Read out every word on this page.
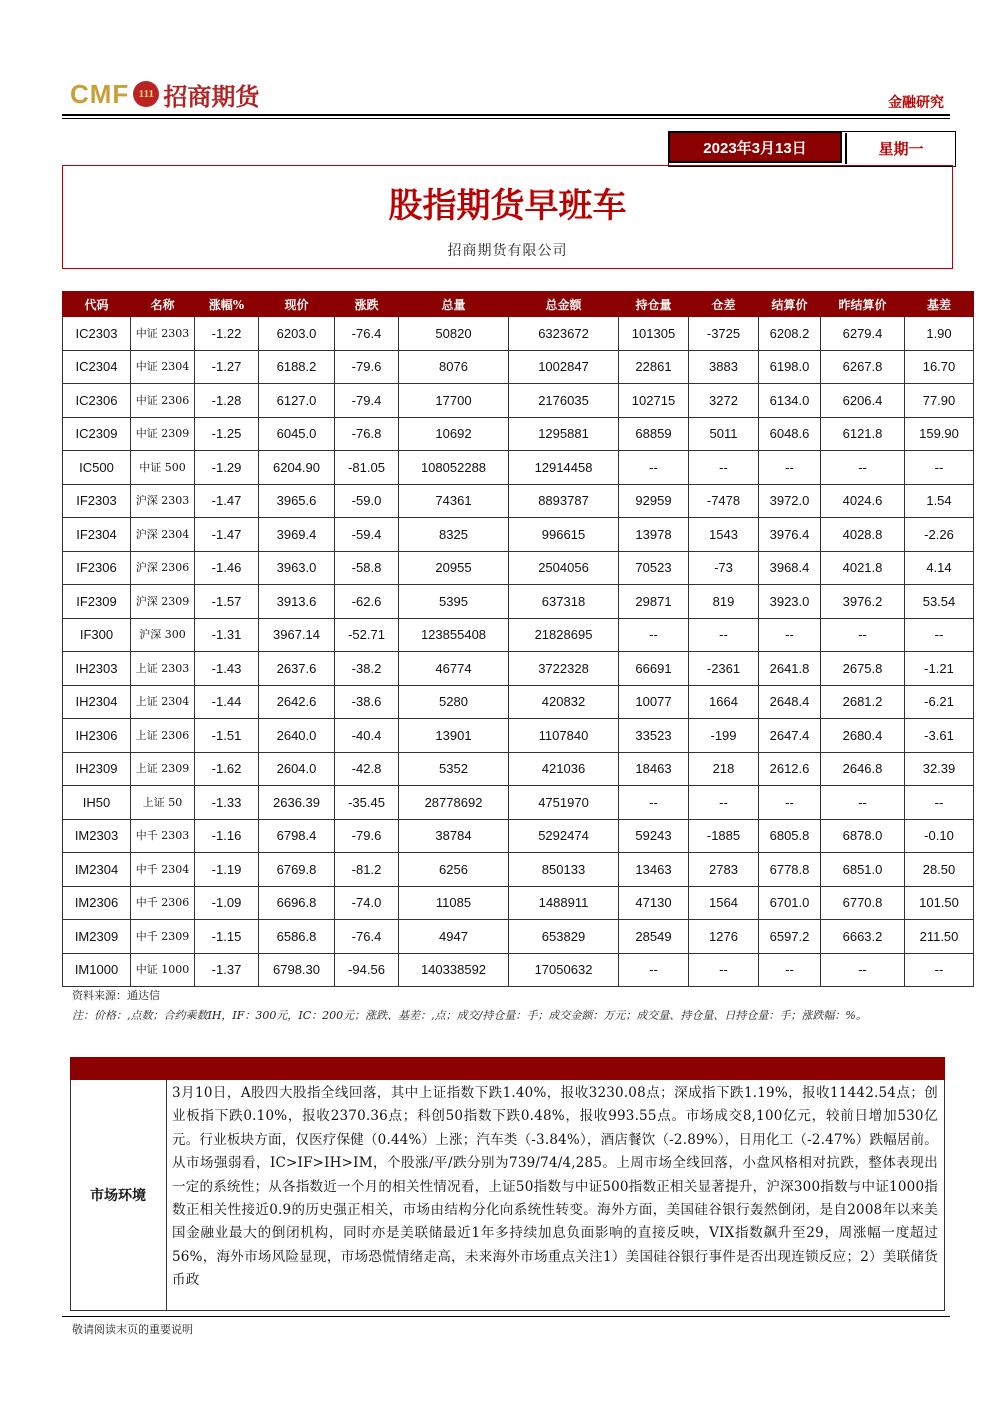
CMF 111 招商期货	金融研究
2023年3月13日	星期一
股指期货早班车
招商期货有限公司
代码	名称	涨幅%	现价	涨跌	总量	总金额	持仓量	仓差	结算价	昨结算价	基差
IC2303	中证 2303	-1.22	6203.0	-76.4	50820	6323672	101305	-3725	6208.2	6279.4	1.90
IC2304	中证 2304	-1.27	6188.2	-79.6	8076	1002847	22861	3883	6198.0	6267.8	16.70
IC2306	中证 2306	-1.28	6127.0	-79.4	17700	2176035	102715	3272	6134.0	6206.4	77.90
IC2309	中证 2309	-1.25	6045.0	-76.8	10692	1295881	68859	5011	6048.6	6121.8	159.90
IC500	中证 500	-1.29	6204.90	-81.05	108052288	12914458	--	--	--	--	--
IF2303	沪深 2303	-1.47	3965.6	-59.0	74361	8893787	92959	-7478	3972.0	4024.6	1.54
IF2304	沪深 2304	-1.47	3969.4	-59.4	8325	996615	13978	1543	3976.4	4028.8	-2.26
IF2306	沪深 2306	-1.46	3963.0	-58.8	20955	2504056	70523	-73	3968.4	4021.8	4.14
IF2309	沪深 2309	-1.57	3913.6	-62.6	5395	637318	29871	819	3923.0	3976.2	53.54
IF300	沪深 300	-1.31	3967.14	-52.71	123855408	21828695	--	--	--	--	--
IH2303	上证 2303	-1.43	2637.6	-38.2	46774	3722328	66691	-2361	2641.8	2675.8	-1.21
IH2304	上证 2304	-1.44	2642.6	-38.6	5280	420832	10077	1664	2648.4	2681.2	-6.21
IH2306	上证 2306	-1.51	2640.0	-40.4	13901	1107840	33523	-199	2647.4	2680.4	-3.61
IH2309	上证 2309	-1.62	2604.0	-42.8	5352	421036	18463	218	2612.6	2646.8	32.39
IH50	上证 50	-1.33	2636.39	-35.45	28778692	4751970	--	--	--	--	--
IM2303	中千 2303	-1.16	6798.4	-79.6	38784	5292474	59243	-1885	6805.8	6878.0	-0.10
IM2304	中千 2304	-1.19	6769.8	-81.2	6256	850133	13463	2783	6778.8	6851.0	28.50
IM2306	中千 2306	-1.09	6696.8	-74.0	11085	1488911	47130	1564	6701.0	6770.8	101.50
IM2309	中千 2309	-1.15	6586.8	-76.4	4947	653829	28549	1276	6597.2	6663.2	211.50
IM1000	中证 1000	-1.37	6798.30	-94.56	140338592	17050632	--	--	--	--	--
资料来源：通达信
注：价格：,点数；合约乘数IH，IF：300元，IC：200元；涨跌、基差：,点；成交/持仓量：手；成交金额：万元；成交量、持仓量、日持仓量：手；涨跌幅：%。
市场环境
3月10日，A股四大股指全线回落，其中上证指数下跌1.40%，报收3230.08点；深成指下跌1.19%，报收11442.54点；创业板指下跌0.10%，报收2370.36点；科创50指数下跌0.48%，报收993.55点。市场成交8,100亿元，较前日增加530亿元。行业板块方面，仅医疗保健（0.44%）上涨；汽车类（-3.84%），酒店餐饮（-2.89%），日用化工（-2.47%）跌幅居前。从市场强弱看，IC>IF>IH>IM，个股涨/平/跌分别为739/74/4,285。上周市场全线回落，小盘风格相对抗跌，整体表现出一定的系统性；从各指数近一个月的相关性情况看，上证50指数与中证500指数正相关显著提升，沪深300指数与中证1000指数正相关性接近0.9的历史强正相关，市场由结构分化向系统性转变。海外方面，美国硅谷银行轰然倒闭，是自2008年以来美国金融业最大的倒闭机构，同时亦是美联储最近1年多持续加息负面影响的直接反映，VIX指数飙升至29，周涨幅一度超过56%，海外市场风险显现，市场恐慌情绪走高，未来海外市场重点关注1）美国硅谷银行事件是否出现连锁反应；2）美联储货币政
敬请阅读末页的重要说明
